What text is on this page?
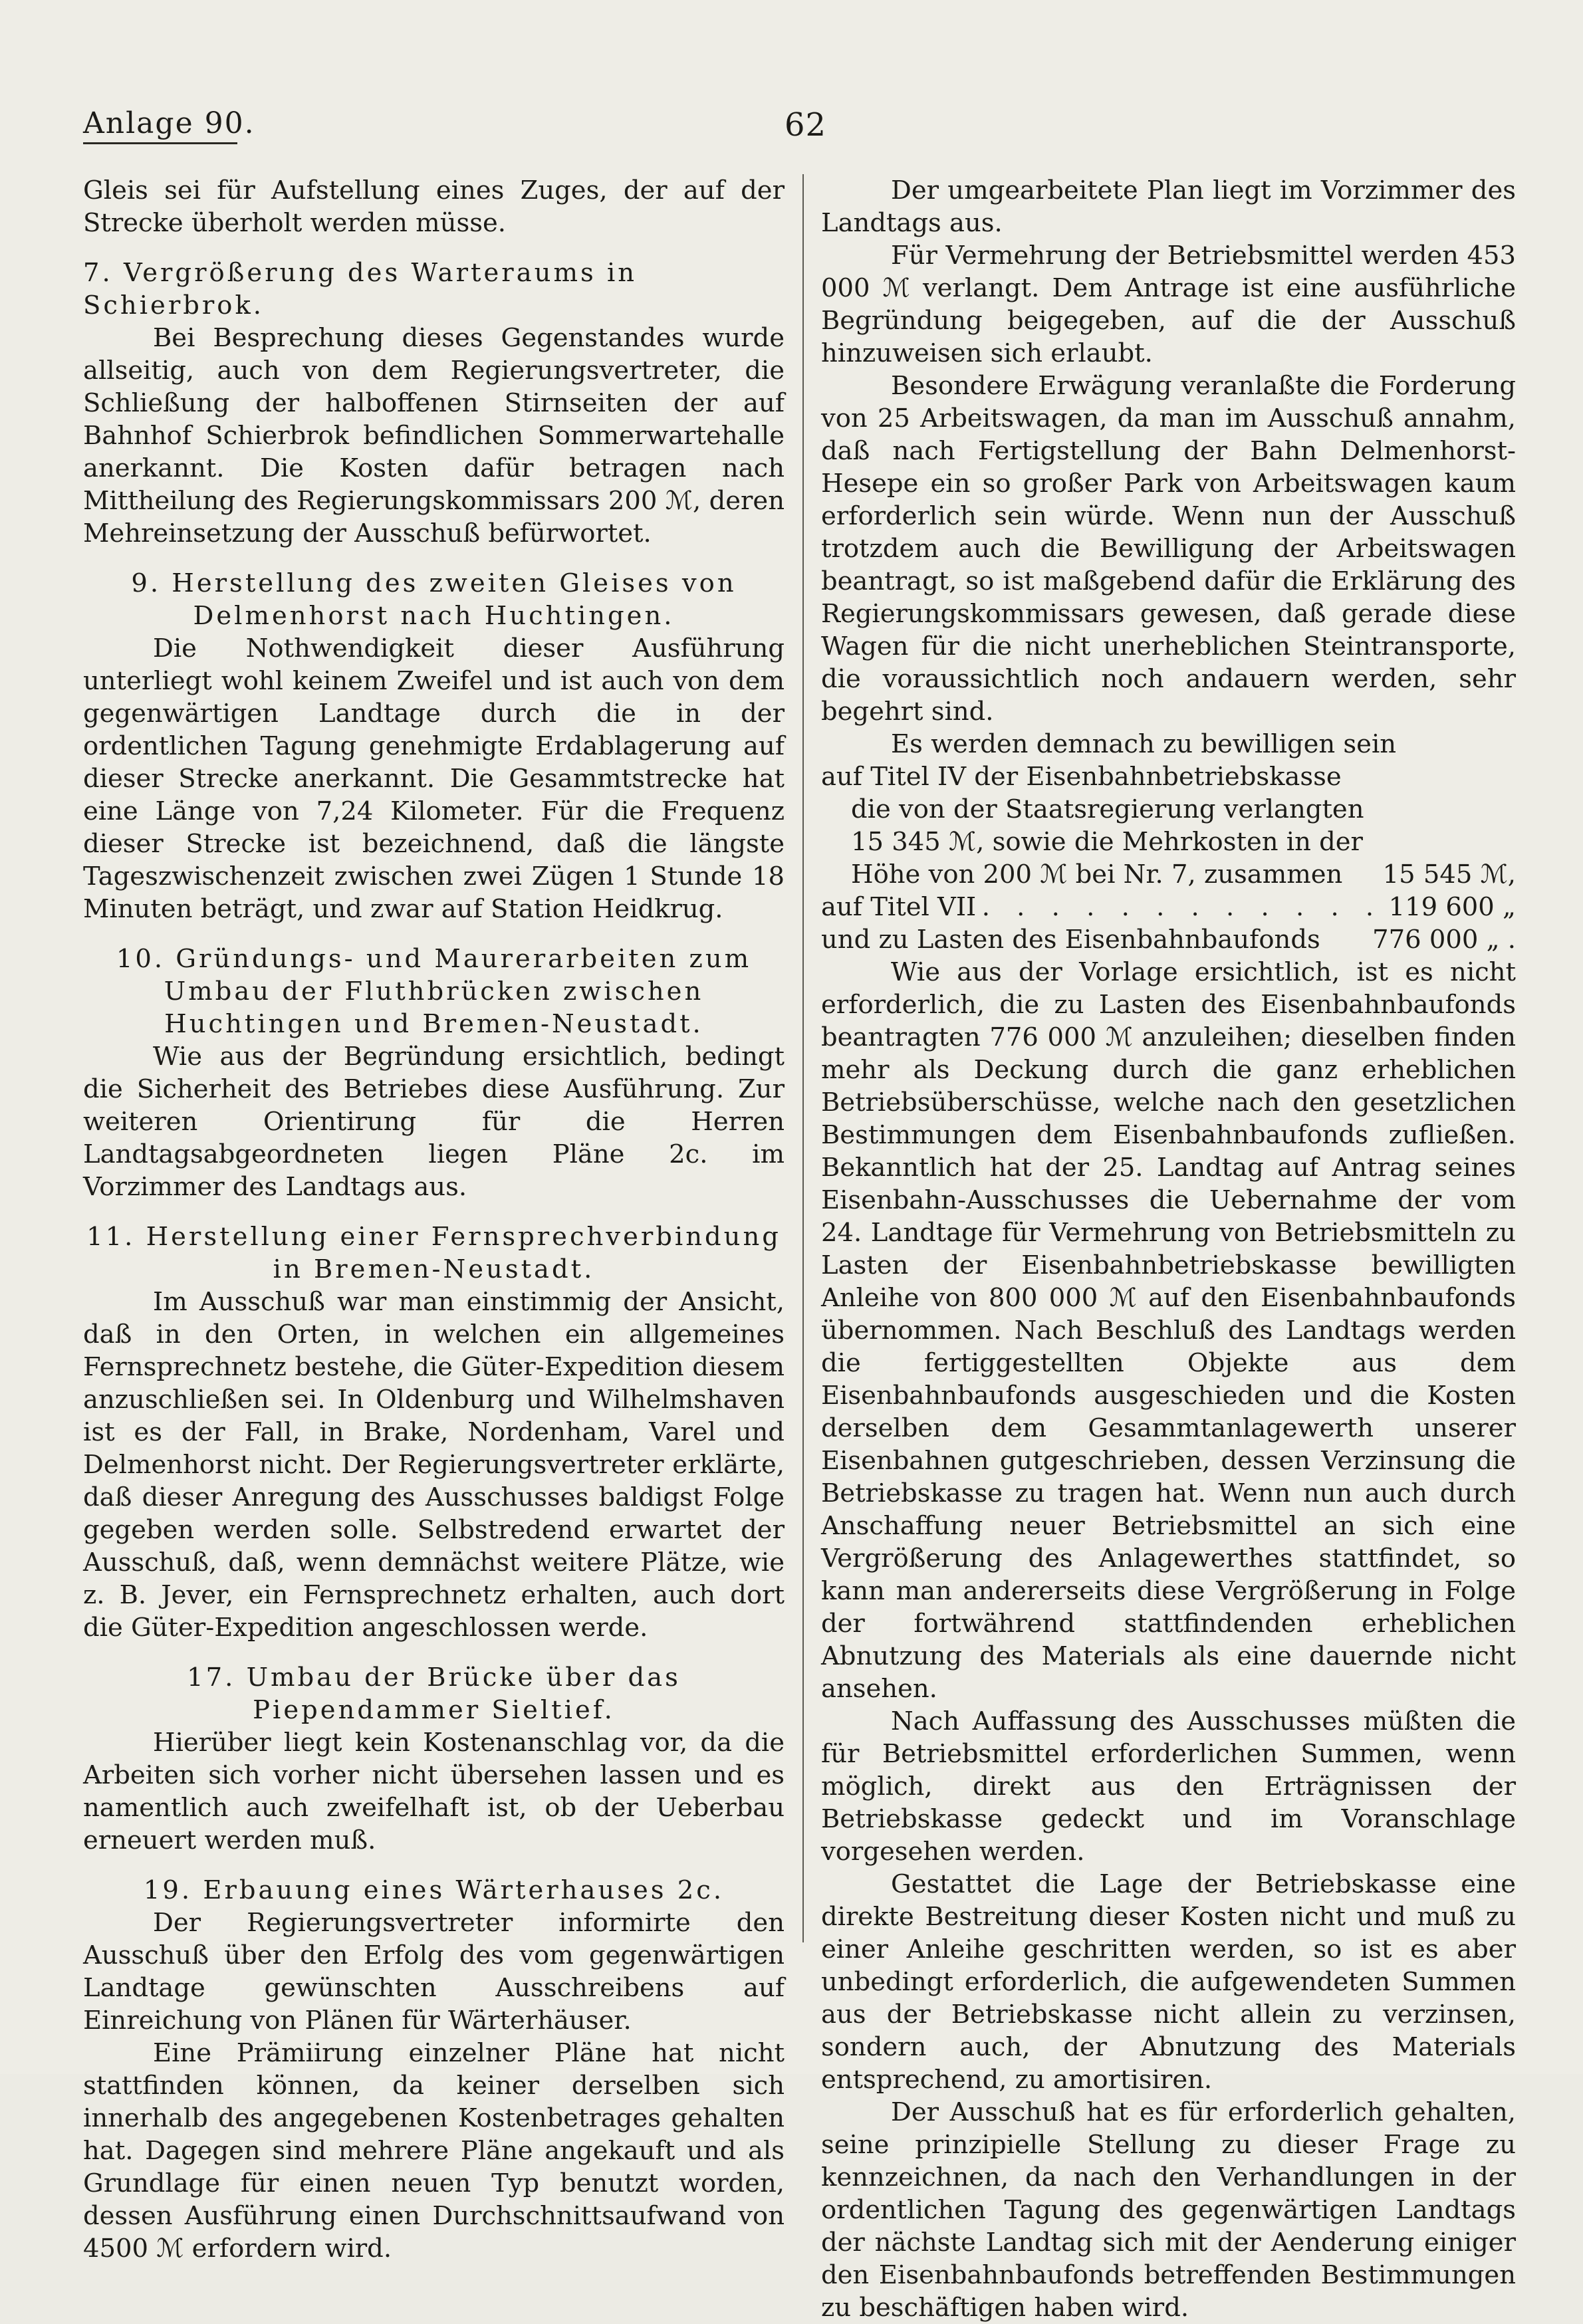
Anlage 90.	62

Gleis sei für Aufstellung eines Zuges, der auf der Strecke überholt werden müsse.

7. Vergrößerung des Warteraums in Schierbrok.

Bei Besprechung dieses Gegenstandes wurde allseitig, auch von dem Regierungsvertreter, die Schließung der halboffenen Stirnseiten der auf Bahnhof Schierbrok befindlichen Sommerwartehalle anerkannt. Die Kosten dafür betragen nach Mittheilung des Regierungskommissars 200 ℳ, deren Mehreinsetzung der Ausschuß befürwortet.

9. Herstellung des zweiten Gleises von Delmenhorst nach Huchtingen.

Die Nothwendigkeit dieser Ausführung unterliegt wohl keinem Zweifel und ist auch von dem gegenwärtigen Landtage durch die in der ordentlichen Tagung genehmigte Erdablagerung auf dieser Strecke anerkannt. Die Gesammtstrecke hat eine Länge von 7,24 Kilometer. Für die Frequenz dieser Strecke ist bezeichnend, daß die längste Tageszwischenzeit zwischen zwei Zügen 1 Stunde 18 Minuten beträgt, und zwar auf Station Heidkrug.

10. Gründungs- und Maurerarbeiten zum Umbau der Fluthbrücken zwischen Huchtingen und Bremen-Neustadt.

Wie aus der Begründung ersichtlich, bedingt die Sicherheit des Betriebes diese Ausführung. Zur weiteren Orientirung für die Herren Landtagsabgeordneten liegen Pläne 2c. im Vorzimmer des Landtags aus.

11. Herstellung einer Fernsprechverbindung in Bremen-Neustadt.

Im Ausschuß war man einstimmig der Ansicht, daß in den Orten, in welchen ein allgemeines Fernsprechnetz bestehe, die Güter-Expedition diesem anzuschließen sei. In Oldenburg und Wilhelmshaven ist es der Fall, in Brake, Nordenham, Varel und Delmenhorst nicht. Der Regierungsvertreter erklärte, daß dieser Anregung des Ausschusses baldigst Folge gegeben werden solle. Selbstredend erwartet der Ausschuß, daß, wenn demnächst weitere Plätze, wie z. B. Jever, ein Fernsprechnetz erhalten, auch dort die Güter-Expedition angeschlossen werde.

17. Umbau der Brücke über das Piependammer Sieltief.

Hierüber liegt kein Kostenanschlag vor, da die Arbeiten sich vorher nicht übersehen lassen und es namentlich auch zweifelhaft ist, ob der Ueberbau erneuert werden muß.

19. Erbauung eines Wärterhauses 2c.

Der Regierungsvertreter informirte den Ausschuß über den Erfolg des vom gegenwärtigen Landtage gewünschten Ausschreibens auf Einreichung von Plänen für Wärterhäuser.

Eine Prämiirung einzelner Pläne hat nicht stattfinden können, da keiner derselben sich innerhalb des angegebenen Kostenbetrages gehalten hat. Dagegen sind mehrere Pläne angekauft und als Grundlage für einen neuen Typ benutzt worden, dessen Ausführung einen Durchschnittsaufwand von 4500 ℳ erfordern wird.

Der umgearbeitete Plan liegt im Vorzimmer des Landtags aus.

Für Vermehrung der Betriebsmittel werden 453 000 ℳ verlangt. Dem Antrage ist eine ausführliche Begründung beigegeben, auf die der Ausschuß hinzuweisen sich erlaubt.

Besondere Erwägung veranlaßte die Forderung von 25 Arbeitswagen, da man im Ausschuß annahm, daß nach Fertigstellung der Bahn Delmenhorst-Hesepe ein so großer Park von Arbeitswagen kaum erforderlich sein würde. Wenn nun der Ausschuß trotzdem auch die Bewilligung der Arbeitswagen beantragt, so ist maßgebend dafür die Erklärung des Regierungskommissars gewesen, daß gerade diese Wagen für die nicht unerheblichen Steintransporte, die voraussichtlich noch andauern werden, sehr begehrt sind.

Es werden demnach zu bewilligen sein

auf Titel IV der Eisenbahnbetriebskasse
die von der Staatsregierung verlangten
15 345 ℳ, sowie die Mehrkosten in der
Höhe von 200 ℳ bei Nr. 7, zusammen 15 545 ℳ,
auf Titel VII . . . . . . . . . . . . 119 600 „
und zu Lasten des Eisenbahnbaufonds 776 000 „ .

Wie aus der Vorlage ersichtlich, ist es nicht erforderlich, die zu Lasten des Eisenbahnbaufonds beantragten 776 000 ℳ anzuleihen; dieselben finden mehr als Deckung durch die ganz erheblichen Betriebsüberschüsse, welche nach den gesetzlichen Bestimmungen dem Eisenbahnbaufonds zufließen. Bekanntlich hat der 25. Landtag auf Antrag seines Eisenbahn-Ausschusses die Uebernahme der vom 24. Landtage für Vermehrung von Betriebsmitteln zu Lasten der Eisenbahnbetriebskasse bewilligten Anleihe von 800 000 ℳ auf den Eisenbahnbaufonds übernommen. Nach Beschluß des Landtags werden die fertiggestellten Objekte aus dem Eisenbahnbaufonds ausgeschieden und die Kosten derselben dem Gesammtanlagewerth unserer Eisenbahnen gutgeschrieben, dessen Verzinsung die Betriebskasse zu tragen hat. Wenn nun auch durch Anschaffung neuer Betriebsmittel an sich eine Vergrößerung des Anlagewerthes stattfindet, so kann man andererseits diese Vergrößerung in Folge der fortwährend stattfindenden erheblichen Abnutzung des Materials als eine dauernde nicht ansehen.

Nach Auffassung des Ausschusses müßten die für Betriebsmittel erforderlichen Summen, wenn möglich, direkt aus den Erträgnissen der Betriebskasse gedeckt und im Voranschlage vorgesehen werden.

Gestattet die Lage der Betriebskasse eine direkte Bestreitung dieser Kosten nicht und muß zu einer Anleihe geschritten werden, so ist es aber unbedingt erforderlich, die aufgewendeten Summen aus der Betriebskasse nicht allein zu verzinsen, sondern auch, der Abnutzung des Materials entsprechend, zu amortisiren.

Der Ausschuß hat es für erforderlich gehalten, seine prinzipielle Stellung zu dieser Frage zu kennzeichnen, da nach den Verhandlungen in der ordentlichen Tagung des gegenwärtigen Landtags der nächste Landtag sich mit der Aenderung einiger den Eisenbahnbaufonds betreffenden Bestimmungen zu beschäftigen haben wird.
